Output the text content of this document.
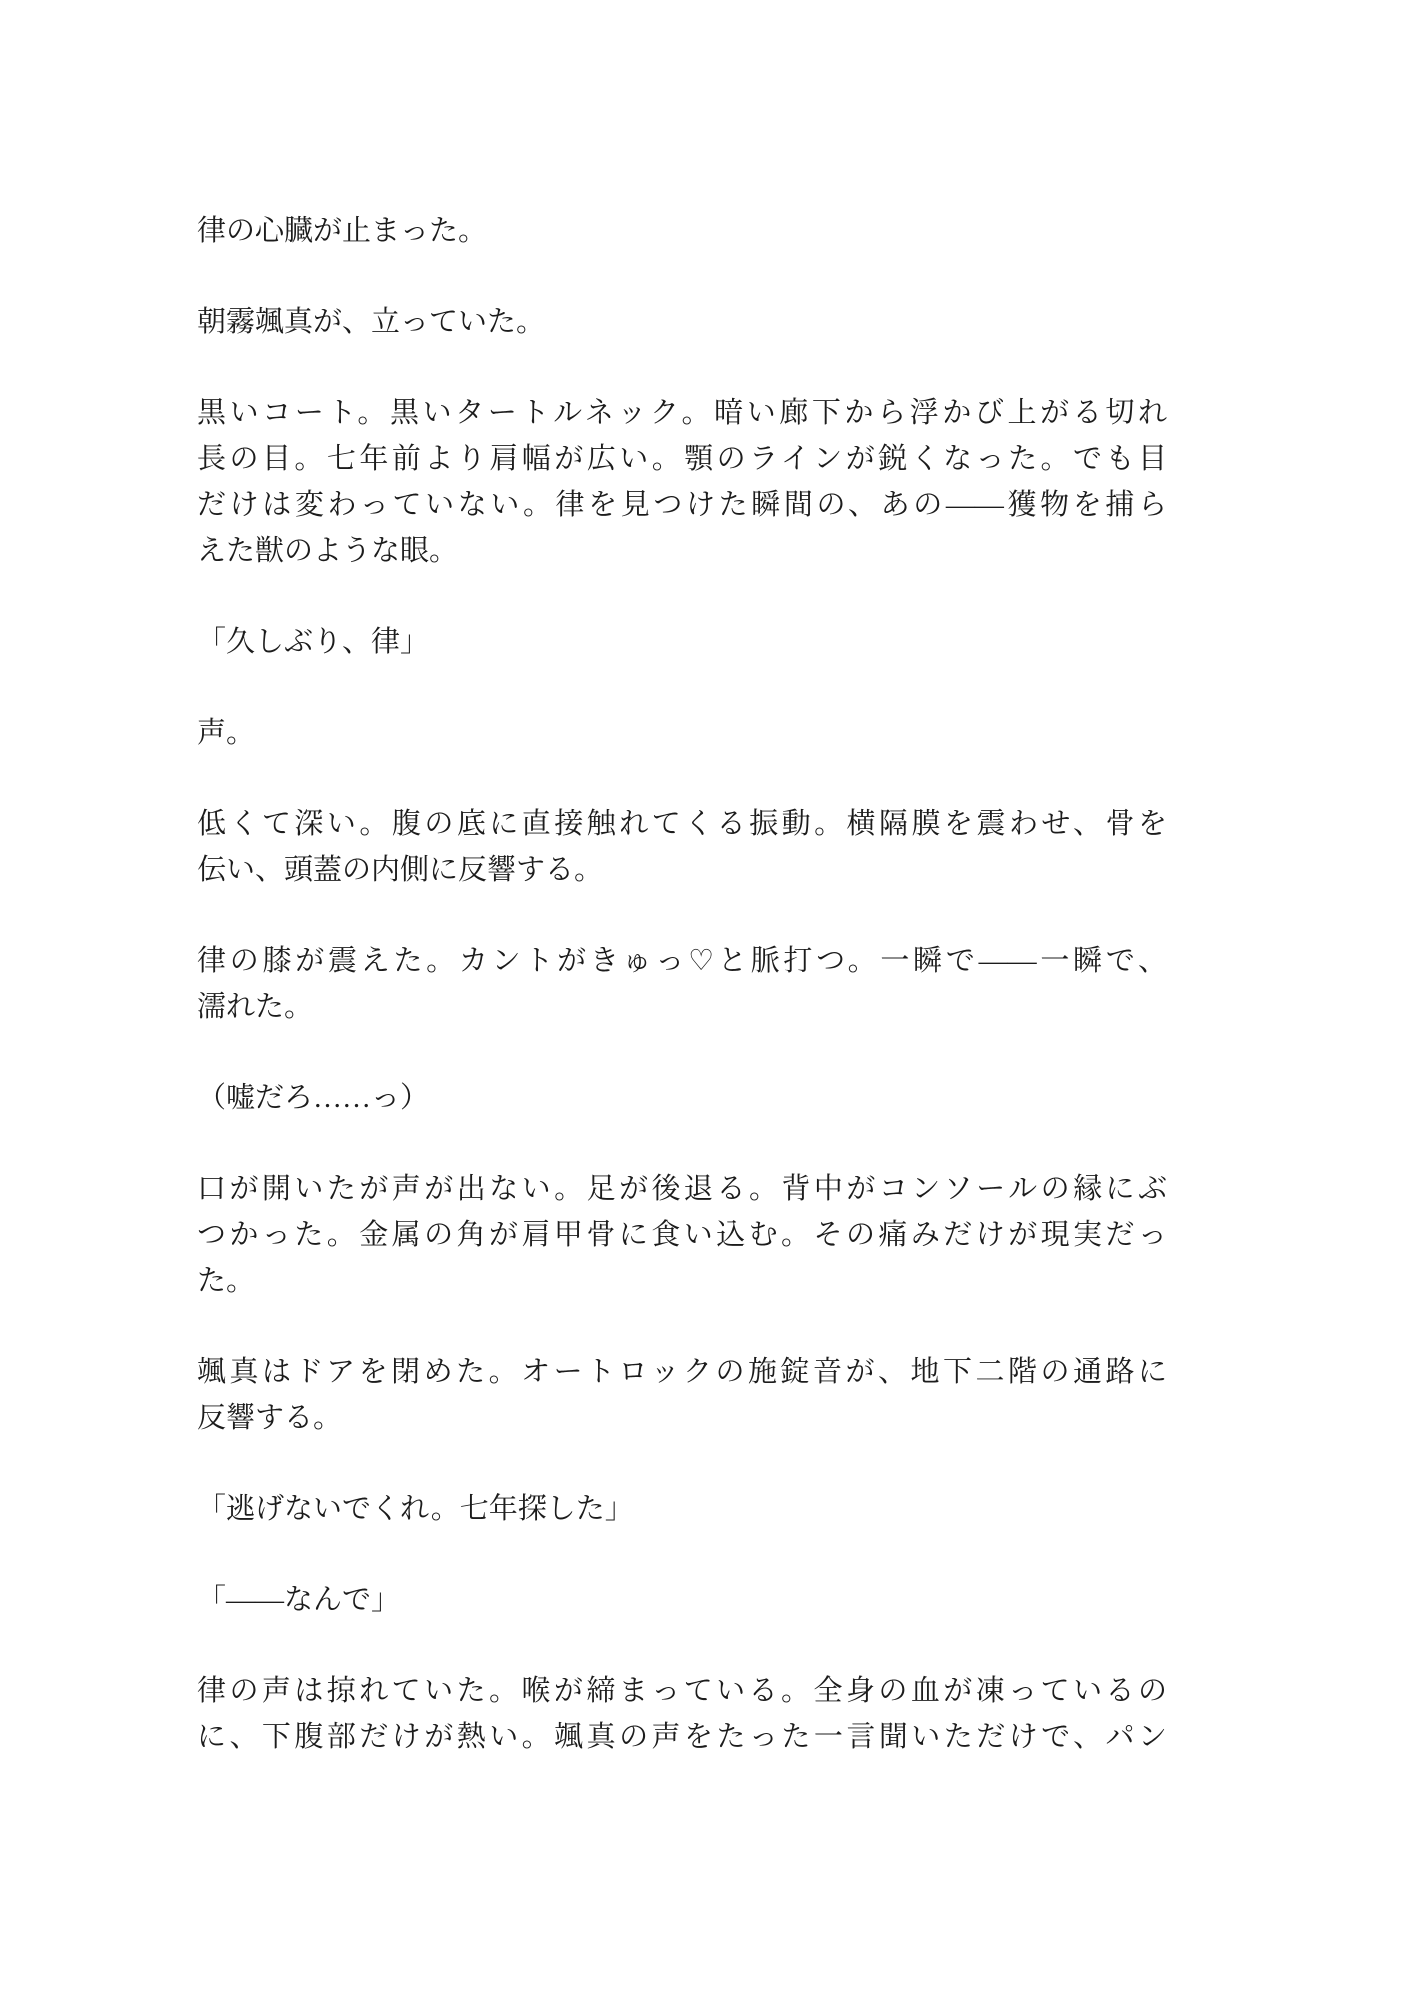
律の心臓が止まった。
朝霧颯真が、立っていた。
黒いコート。黒いタートルネック。暗い廊下から浮かび上がる切れ
長の目。七年前より肩幅が広い。顎のラインが鋭くなった。でも目
だけは変わっていない。律を見つけた瞬間の、あの——獲物を捕ら
えた獣のような眼。
「久しぶり、律」
声。
低くて深い。腹の底に直接触れてくる振動。横隔膜を震わせ、骨を
伝い、頭蓋の内側に反響する。
律の膝が震えた。カントがきゅっ♡と脈打つ。一瞬で——一瞬で、
濡れた。
（嘘だろ……っ）
口が開いたが声が出ない。足が後退る。背中がコンソールの縁にぶ
つかった。金属の角が肩甲骨に食い込む。その痛みだけが現実だっ
た。
颯真はドアを閉めた。オートロックの施錠音が、地下二階の通路に
反響する。
「逃げないでくれ。七年探した」
「——なんで」
律の声は掠れていた。喉が締まっている。全身の血が凍っているの
に、下腹部だけが熱い。颯真の声をたった一言聞いただけで、パン
